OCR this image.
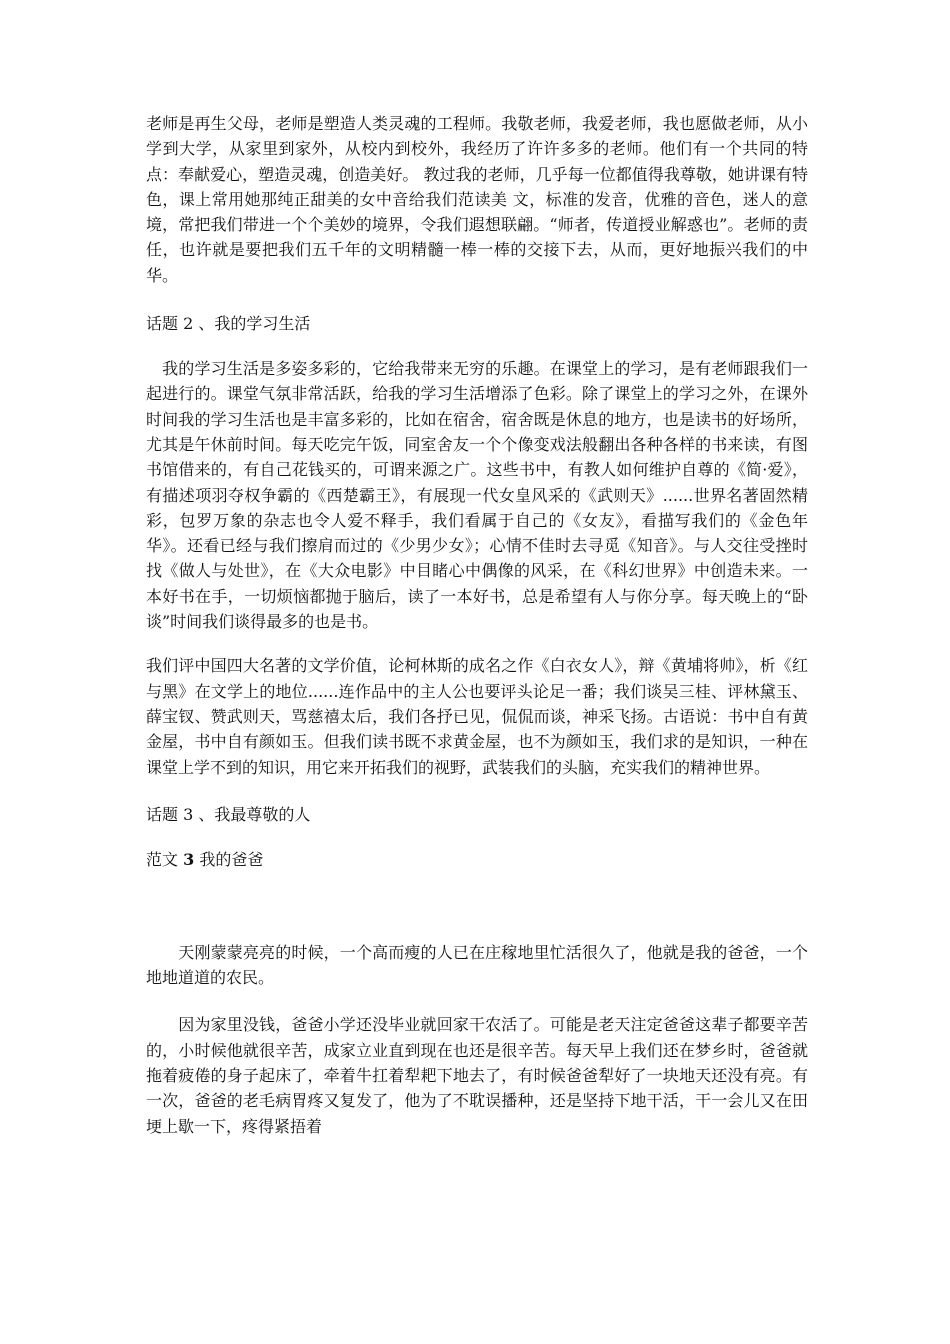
老师是再生父母，老师是塑造人类灵魂的工程师。我敬老师，我爱老师，我也愿做老师，从小学到大学，从家里到家外，从校内到校外，我经历了许许多多的老师。他们有一个共同的特点：奉献爱心，塑造灵魂，创造美好。 教过我的老师，几乎每一位都值得我尊敬，她讲课有特色，课上常用她那纯正甜美的女中音给我们范读美 文，标准的发音，优雅的音色，迷人的意境，常把我们带进一个个美妙的境界，令我们遐想联翩。“师者，传道授业解惑也”。老师的责任，也许就是要把我们五千年的文明精髓一棒一棒的交接下去，从而，更好地振兴我们的中华。

话题 2 、我的学习生活

　我的学习生活是多姿多彩的，它给我带来无穷的乐趣。在课堂上的学习，是有老师跟我们一起进行的。课堂气氛非常活跃，给我的学习生活增添了色彩。除了课堂上的学习之外，在课外时间我的学习生活也是丰富多彩的，比如在宿舍，宿舍既是休息的地方，也是读书的好场所，尤其是午休前时间。每天吃完午饭，同室舍友一个个像变戏法般翻出各种各样的书来读，有图书馆借来的，有自己花钱买的，可谓来源之广。这些书中，有教人如何维护自尊的《简·爱》，有描述项羽夺权争霸的《西楚霸王》，有展现一代女皇风采的《武则天》......世界名著固然精彩，包罗万象的杂志也令人爱不释手，我们看属于自己的《女友》，看描写我们的《金色年华》。还看已经与我们擦肩而过的《少男少女》；心情不佳时去寻觅《知音》。与人交往受挫时找《做人与处世》，在《大众电影》中目睹心中偶像的风采，在《科幻世界》中创造未来。一本好书在手，一切烦恼都抛于脑后，读了一本好书，总是希望有人与你分享。每天晚上的“卧谈”时间我们谈得最多的也是书。

我们评中国四大名著的文学价值，论柯林斯的成名之作《白衣女人》，辩《黄埔将帅》，析《红与黑》在文学上的地位......连作品中的主人公也要评头论足一番；我们谈吴三桂、评林黛玉、薛宝钗、赞武则天，骂慈禧太后，我们各抒已见，侃侃而谈，神采飞扬。古语说：书中自有黄金屋，书中自有颜如玉。但我们读书既不求黄金屋，也不为颜如玉，我们求的是知识，一种在课堂上学不到的知识，用它来开拓我们的视野，武装我们的头脑，充实我们的精神世界。

话题 3 、我最尊敬的人

范文 3 我的爸爸

　　天刚蒙蒙亮亮的时候，一个高而瘦的人已在庄稼地里忙活很久了，他就是我的爸爸，一个地地道道的农民。

　　因为家里没钱，爸爸小学还没毕业就回家干农活了。可能是老天注定爸爸这辈子都要辛苦的，小时候他就很辛苦，成家立业直到现在也还是很辛苦。每天早上我们还在梦乡时，爸爸就拖着疲倦的身子起床了，牵着牛扛着犁耙下地去了，有时候爸爸犁好了一块地天还没有亮。有一次，爸爸的老毛病胃疼又复发了，他为了不耽误播种，还是坚持下地干活，干一会儿又在田埂上歇一下，疼得紧捂着
